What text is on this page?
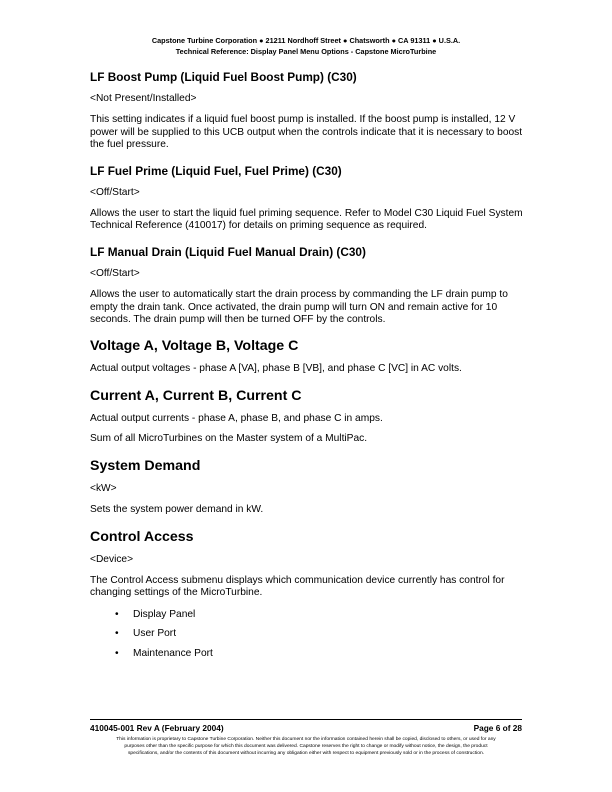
Capstone Turbine Corporation ● 21211 Nordhoff Street ● Chatsworth ● CA 91311 ● U.S.A.
Technical Reference: Display Panel Menu Options - Capstone MicroTurbine
LF Boost Pump (Liquid Fuel Boost Pump) (C30)

<Not Present/Installed>

This setting indicates if a liquid fuel boost pump is installed. If the boost pump is installed, 12 V power will be supplied to this UCB output when the controls indicate that it is necessary to boost the fuel pressure.

LF Fuel Prime (Liquid Fuel, Fuel Prime) (C30)

<Off/Start>

Allows the user to start the liquid fuel priming sequence. Refer to Model C30 Liquid Fuel System Technical Reference (410017) for details on priming sequence as required.

LF Manual Drain (Liquid Fuel Manual Drain) (C30)

<Off/Start>

Allows the user to automatically start the drain process by commanding the LF drain pump to empty the drain tank. Once activated, the drain pump will turn ON and remain active for 10 seconds. The drain pump will then be turned OFF by the controls.

Voltage A, Voltage B, Voltage C

Actual output voltages - phase A [VA], phase B [VB], and phase C [VC] in AC volts.

Current A, Current B, Current C

Actual output currents - phase A, phase B, and phase C in amps.

Sum of all MicroTurbines on the Master system of a MultiPac.

System Demand

<kW>

Sets the system power demand in kW.

Control Access

<Device>

The Control Access submenu displays which communication device currently has control for changing settings of the MicroTurbine.

• Display Panel
• User Port
• Maintenance Port
410045-001 Rev A (February 2004)	Page 6 of 28
This information is proprietary to Capstone Turbine Corporation. Neither this document nor the information contained herein shall be copied, disclosed to others, or used for any
purposes other than the specific purpose for which this document was delivered. Capstone reserves the right to change or modify without notice, the design, the product
specifications, and/or the contents of this document without incurring any obligation either with respect to equipment previously sold or in the process of construction.
